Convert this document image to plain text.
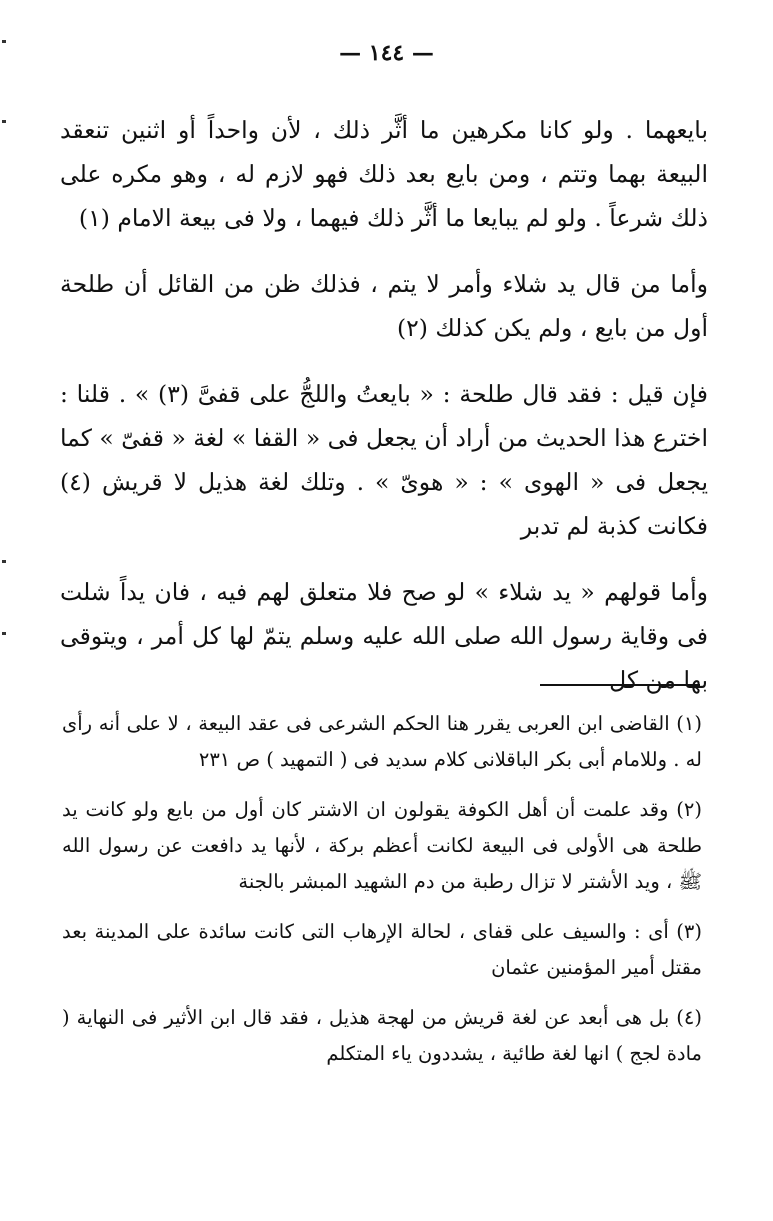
— ١٤٤ —

بايعهما . ولو كانا مكرهين ما أثَّر ذلك ، لأن واحداً أو اثنين تنعقد البيعة بهما وتتم ، ومن بايع بعد ذلك فهو لازم له ، وهو مكره على ذلك شرعاً . ولو لم يبايعا ما أثَّر ذلك فيهما ، ولا فى بيعة الامام (١)

وأما من قال يد شلاء وأمر لا يتم ، فذلك ظن من القائل أن طلحة أول من بايع ، ولم يكن كذلك (٢)

فإن قيل : فقد قال طلحة : « بايعتُ واللجُّ على قفىَّ (٣) » . قلنا : اخترع هذا الحديث من أراد أن يجعل فى « القفا » لغة « قفىّ » كما يجعل فى « الهوى » : « هوىّ » . وتلك لغة هذيل لا قريش (٤) فكانت كذبة لم تدبر

وأما قولهم « يد شلاء » لو صح فلا متعلق لهم فيه ، فان يداً شلت فى وقاية رسول الله صلى الله عليه وسلم يتمّ لها كل أمر ، ويتوقى بها من كل

(١) القاضى ابن العربى يقرر هنا الحكم الشرعى فى عقد البيعة ، لا على أنه رأى له . وللامام أبى بكر الباقلانى كلام سديد فى ( التمهيد ) ص ٢٣١

(٢) وقد علمت أن أهل الكوفة يقولون ان الاشتر كان أول من بايع ولو كانت يد طلحة هى الأولى فى البيعة لكانت أعظم بركة ، لأنها يد دافعت عن رسول الله ﷺ ، ويد الأشتر لا تزال رطبة من دم الشهيد المبشر بالجنة

(٣) أى : والسيف على قفاى ، لحالة الإرهاب التى كانت سائدة على المدينة بعد مقتل أمير المؤمنين عثمان

(٤) بل هى أبعد عن لغة قريش من لهجة هذيل ، فقد قال ابن الأثير فى النهاية ( مادة لجج ) انها لغة طائية ، يشددون ياء المتكلم
